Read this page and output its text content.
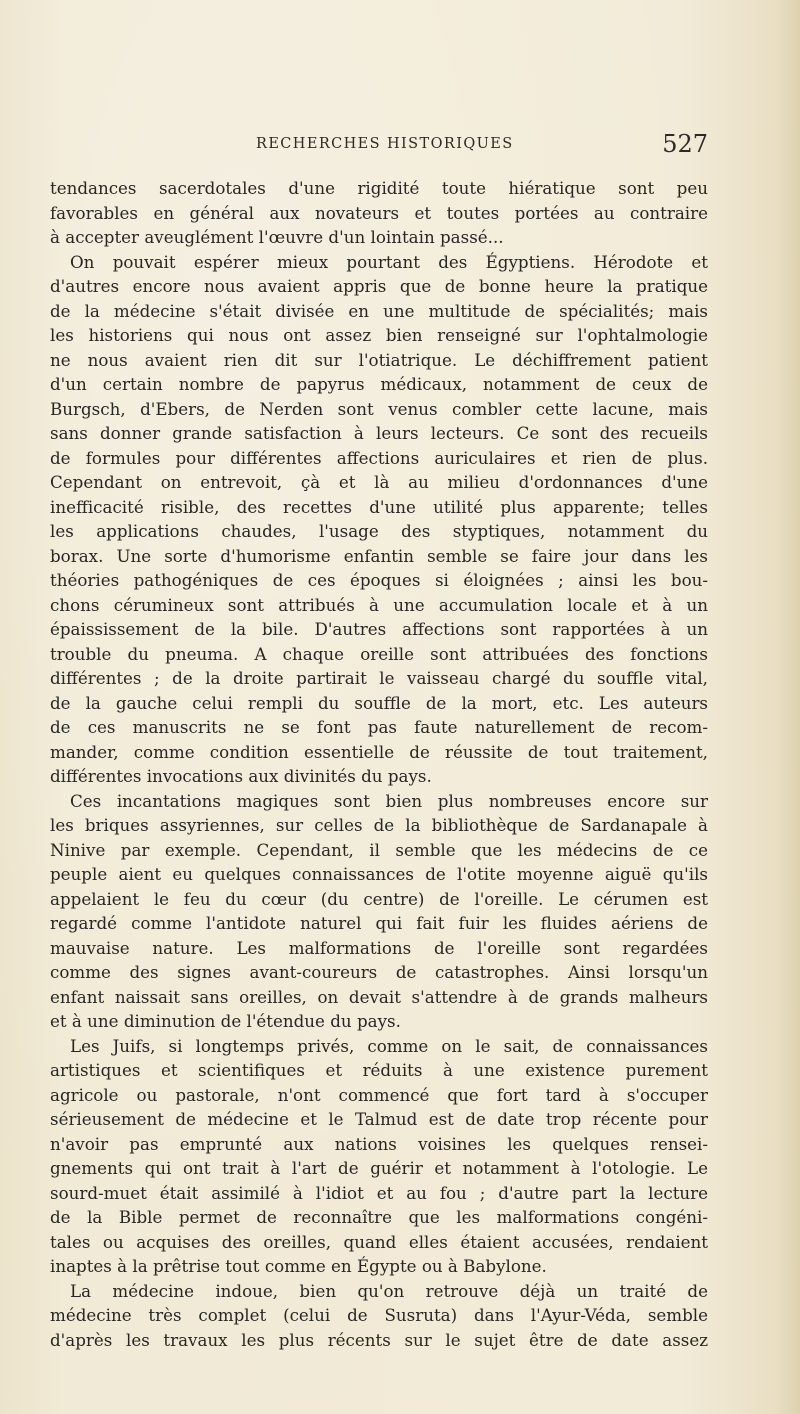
RECHERCHES HISTORIQUES	527
tendances sacerdotales d'une rigidité toute hiératique sont peu
favorables en général aux novateurs et toutes portées au contraire
à accepter aveuglément l'œuvre d'un lointain passé...
On pouvait espérer mieux pourtant des Égyptiens. Hérodote et
d'autres encore nous avaient appris que de bonne heure la pratique
de la médecine s'était divisée en une multitude de spécialités; mais
les historiens qui nous ont assez bien renseigné sur l'ophtalmologie
ne nous avaient rien dit sur l'otiatrique. Le déchiffrement patient
d'un certain nombre de papyrus médicaux, notamment de ceux de
Burgsch, d'Ebers, de Nerden sont venus combler cette lacune, mais
sans donner grande satisfaction à leurs lecteurs. Ce sont des recueils
de formules pour différentes affections auriculaires et rien de plus.
Cependant on entrevoit, çà et là au milieu d'ordonnances d'une
inefficacité risible, des recettes d'une utilité plus apparente; telles
les applications chaudes, l'usage des styptiques, notamment du
borax. Une sorte d'humorisme enfantin semble se faire jour dans les
théories pathogéniques de ces époques si éloignées ; ainsi les bou-
chons cérumineux sont attribués à une accumulation locale et à un
épaississement de la bile. D'autres affections sont rapportées à un
trouble du pneuma. A chaque oreille sont attribuées des fonctions
différentes ; de la droite partirait le vaisseau chargé du souffle vital,
de la gauche celui rempli du souffle de la mort, etc. Les auteurs
de ces manuscrits ne se font pas faute naturellement de recom-
mander, comme condition essentielle de réussite de tout traitement,
différentes invocations aux divinités du pays.
Ces incantations magiques sont bien plus nombreuses encore sur
les briques assyriennes, sur celles de la bibliothèque de Sardanapale à
Ninive par exemple. Cependant, il semble que les médecins de ce
peuple aient eu quelques connaissances de l'otite moyenne aiguë qu'ils
appelaient le feu du cœur (du centre) de l'oreille. Le cérumen est
regardé comme l'antidote naturel qui fait fuir les fluides aériens de
mauvaise nature. Les malformations de l'oreille sont regardées
comme des signes avant-coureurs de catastrophes. Ainsi lorsqu'un
enfant naissait sans oreilles, on devait s'attendre à de grands malheurs
et à une diminution de l'étendue du pays.
Les Juifs, si longtemps privés, comme on le sait, de connaissances
artistiques et scientifiques et réduits à une existence purement
agricole ou pastorale, n'ont commencé que fort tard à s'occuper
sérieusement de médecine et le Talmud est de date trop récente pour
n'avoir pas emprunté aux nations voisines les quelques rensei-
gnements qui ont trait à l'art de guérir et notamment à l'otologie. Le
sourd-muet était assimilé à l'idiot et au fou ; d'autre part la lecture
de la Bible permet de reconnaître que les malformations congéni-
tales ou acquises des oreilles, quand elles étaient accusées, rendaient
inaptes à la prêtrise tout comme en Égypte ou à Babylone.
La médecine indoue, bien qu'on retrouve déjà un traité de
médecine très complet (celui de Susruta) dans l'Ayur-Véda, semble
d'après les travaux les plus récents sur le sujet être de date assez
